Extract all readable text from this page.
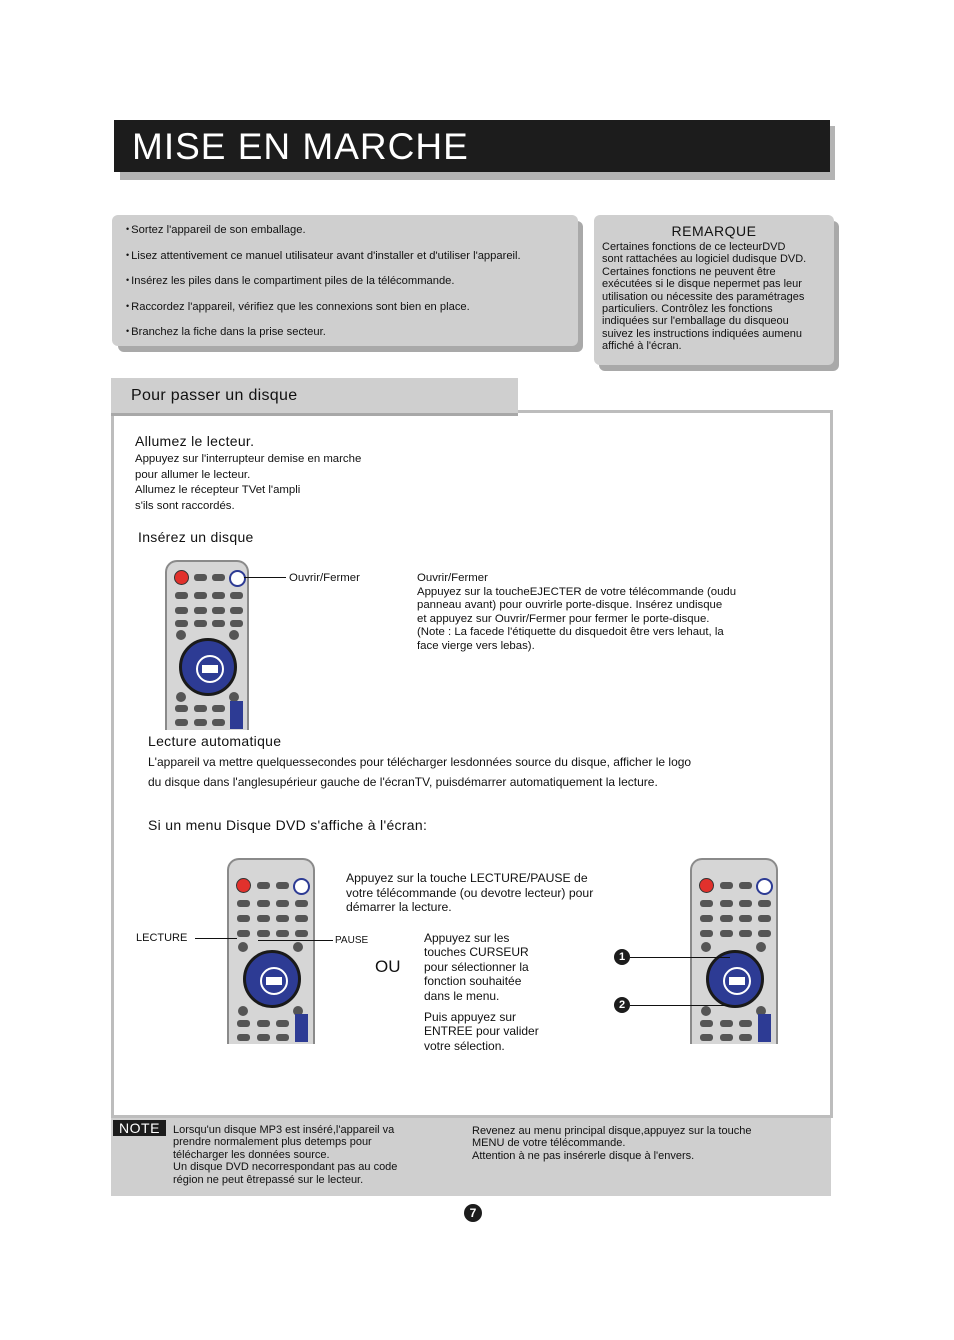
MISE EN MARCHE
• Sortez l'appareil de son emballage.
• Lisez attentivement ce manuel utilisateur avant d'installer et d'utiliser l'appareil.
• Insérez les piles dans le compartiment piles de la télécommande.
• Raccordez l'appareil, vérifiez que les connexions sont bien en place.
• Branchez la fiche dans la prise secteur.
REMARQUE
Certaines fonctions de ce lecteurDVD
sont rattachées au logiciel dudisque DVD.
Certaines fonctions ne peuvent être
exécutées si le disque nepermet pas leur
utilisation ou nécessite des paramétrages
particuliers. Contrôlez les fonctions
indiquées sur l'emballage du disqueou
suivez les instructions indiquées aumenu
affiché à l'écran.
Pour passer un disque
Allumez le lecteur.
Appuyez sur l'interrupteur demise en marche
pour allumer le lecteur.
Allumez le récepteur TVet l'ampli
s'ils sont raccordés.
Insérez un disque
Ouvrir/Fermer	Ouvrir/Fermer
Appuyez sur la toucheEJECTER de votre télécommande (oudu
panneau avant) pour ouvrirle porte-disque. Insérez undisque
et appuyez sur Ouvrir/Fermer pour fermer le porte-disque.
(Note : La facede l'étiquette du disquedoit être vers lehaut, la
face vierge vers lebas).
Lecture automatique
L'appareil va mettre quelquessecondes pour télécharger lesdonnées source du disque, afficher le logo
du disque dans l'anglesupérieur gauche de l'écranTV, puisdémarrer automatiquement la lecture.
Si un menu Disque DVD s'affiche à l'écran:
LECTURE	PAUSE
Appuyez sur la touche LECTURE/PAUSE de
votre télécommande (ou devotre lecteur) pour
démarrer la lecture.
OU
Appuyez sur les
touches CURSEUR
pour sélectionner la
fonction souhaitée
dans le menu.
Puis appuyez sur
ENTREE pour valider
votre sélection.
1
2
NOTE	Lorsqu'un disque MP3 est inséré,l'appareil va
prendre normalement plus detemps pour
télécharger les données source.
Un disque DVD necorrespondant pas au code
région ne peut êtrepassé sur le lecteur.
Revenez au menu principal disque,appuyez sur la touche
MENU de votre télécommande.
Attention à ne pas insérerle disque à l'envers.
7
